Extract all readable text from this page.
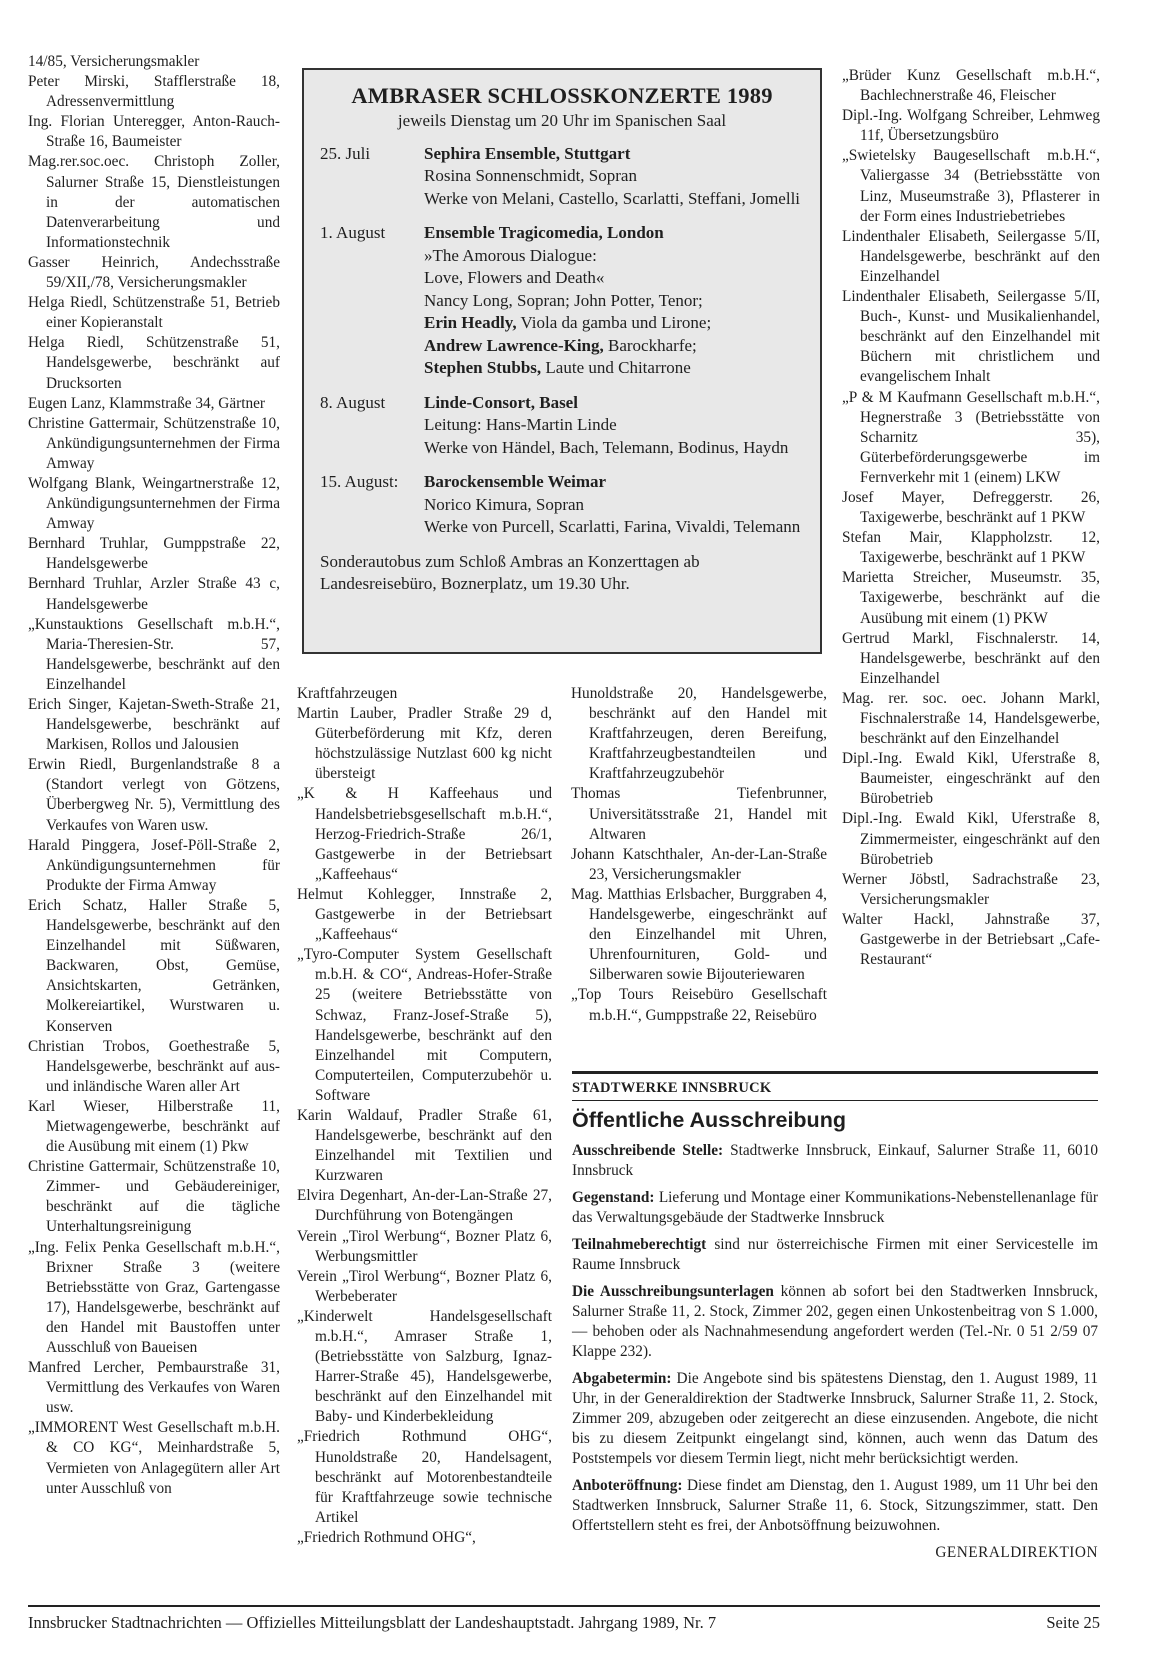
14/85, Versicherungsmakler

Peter Mirski, Stafflerstraße 18, Adressenvermittlung

Ing. Florian Unteregger, Anton-Rauch-Straße 16, Baumeister

Mag.rer.soc.oec. Christoph Zoller, Salurner Straße 15, Dienstleistungen in der automatischen Datenverarbeitung und Informationstechnik

Gasser Heinrich, Andechsstraße 59/XII,/78, Versicherungsmakler

Helga Riedl, Schützenstraße 51, Betrieb einer Kopieranstalt

Helga Riedl, Schützenstraße 51, Handelsgewerbe, beschränkt auf Drucksorten

Eugen Lanz, Klammstraße 34, Gärtner

Christine Gattermair, Schützenstraße 10, Ankündigungsunternehmen der Firma Amway

Wolfgang Blank, Weingartnerstraße 12, Ankündigungsunternehmen der Firma Amway

Bernhard Truhlar, Gumppstraße 22, Handelsgewerbe

Bernhard Truhlar, Arzler Straße 43 c, Handelsgewerbe

„Kunstauktions Gesellschaft m.b.H.“, Maria-Theresien-Str. 57, Handelsgewerbe, beschränkt auf den Einzelhandel

Erich Singer, Kajetan-Sweth-Straße 21, Handelsgewerbe, beschränkt auf Markisen, Rollos und Jalousien

Erwin Riedl, Burgenlandstraße 8 a (Standort verlegt von Götzens, Überbergweg Nr. 5), Vermittlung des Verkaufes von Waren usw.

Harald Pinggera, Josef-Pöll-Straße 2, Ankündigungsunternehmen für Produkte der Firma Amway

Erich Schatz, Haller Straße 5, Handelsgewerbe, beschränkt auf den Einzelhandel mit Süßwaren, Backwaren, Obst, Gemüse, Ansichtskarten, Getränken, Molkereiartikel, Wurstwaren u. Konserven

Christian Trobos, Goethestraße 5, Handelsgewerbe, beschränkt auf aus- und inländische Waren aller Art

Karl Wieser, Hilberstraße 11, Mietwagengewerbe, beschränkt auf die Ausübung mit einem (1) Pkw

Christine Gattermair, Schützenstraße 10, Zimmer- und Gebäudereiniger, beschränkt auf die tägliche Unterhaltungsreinigung

„Ing. Felix Penka Gesellschaft m.b.H.“, Brixner Straße 3 (weitere Betriebsstätte von Graz, Gartengasse 17), Handelsgewerbe, beschränkt auf den Handel mit Baustoffen unter Ausschluß von Baueisen

Manfred Lercher, Pembaurstraße 31, Vermittlung des Verkaufes von Waren usw.

„IMMORENT West Gesellschaft m.b.H. & CO KG“, Meinhardstraße 5, Vermieten von Anlagegütern aller Art unter Ausschluß von

AMBRASER SCHLOSSKONZERTE 1989
jeweils Dienstag um 20 Uhr im Spanischen Saal
25. Juli	Sephira Ensemble, Stuttgart
Rosina Sonnenschmidt, Sopran
Werke von Melani, Castello, Scarlatti, Steffani, Jomelli
1. August	Ensemble Tragicomedia, London
»The Amorous Dialogue:
Love, Flowers and Death«
Nancy Long, Sopran; John Potter, Tenor;
Erin Headly, Viola da gamba und Lirone;
Andrew Lawrence-King, Barockharfe;
Stephen Stubbs, Laute und Chitarrone
8. August	Linde-Consort, Basel
Leitung: Hans-Martin Linde
Werke von Händel, Bach, Telemann, Bodinus, Haydn
15. August:	Barockensemble Weimar
Norico Kimura, Sopran
Werke von Purcell, Scarlatti, Farina, Vivaldi, Telemann
Sonderautobus zum Schloß Ambras an Konzerttagen ab Landesreisebüro, Boznerplatz, um 19.30 Uhr.

Kraftfahrzeugen

Martin Lauber, Pradler Straße 29 d, Güterbeförderung mit Kfz, deren höchstzulässige Nutzlast 600 kg nicht übersteigt

„K & H Kaffeehaus und Handelsbetriebsgesellschaft m.b.H.“, Herzog-Friedrich-Straße 26/1, Gastgewerbe in der Betriebsart „Kaffeehaus“

Helmut Kohlegger, Innstraße 2, Gastgewerbe in der Betriebsart „Kaffeehaus“

„Tyro-Computer System Gesellschaft m.b.H. & CO“, Andreas-Hofer-Straße 25 (weitere Betriebsstätte von Schwaz, Franz-Josef-Straße 5), Handelsgewerbe, beschränkt auf den Einzelhandel mit Computern, Computerteilen, Computerzubehör u. Software

Karin Waldauf, Pradler Straße 61, Handelsgewerbe, beschränkt auf den Einzelhandel mit Textilien und Kurzwaren

Elvira Degenhart, An-der-Lan-Straße 27, Durchführung von Botengängen

Verein „Tirol Werbung“, Bozner Platz 6, Werbungsmittler

Verein „Tirol Werbung“, Bozner Platz 6, Werbeberater

„Kinderwelt Handelsgesellschaft m.b.H.“, Amraser Straße 1, (Betriebsstätte von Salzburg, Ignaz-Harrer-Straße 45), Handelsgewerbe, beschränkt auf den Einzelhandel mit Baby- und Kinderbekleidung

„Friedrich Rothmund OHG“, Hunoldstraße 20, Handelsagent, beschränkt auf Motorenbestandteile für Kraftfahrzeuge sowie technische Artikel

„Friedrich Rothmund OHG“,

Hunoldstraße 20, Handelsgewerbe, beschränkt auf den Handel mit Kraftfahrzeugen, deren Bereifung, Kraftfahrzeugbestandteilen und Kraftfahrzeugzubehör

Thomas Tiefenbrunner, Universitätsstraße 21, Handel mit Altwaren

Johann Katschthaler, An-der-Lan-Straße 23, Versicherungsmakler

Mag. Matthias Erlsbacher, Burggraben 4, Handelsgewerbe, eingeschränkt auf den Einzelhandel mit Uhren, Uhrenfournituren, Gold- und Silberwaren sowie Bijouteriewaren

„Top Tours Reisebüro Gesellschaft m.b.H.“, Gumppstraße 22, Reisebüro

„Brüder Kunz Gesellschaft m.b.H.“, Bachlechnerstraße 46, Fleischer

Dipl.-Ing. Wolfgang Schreiber, Lehmweg 11f, Übersetzungsbüro

„Swietelsky Baugesellschaft m.b.H.“, Valiergasse 34 (Betriebsstätte von Linz, Museumstraße 3), Pflasterer in der Form eines Industriebetriebes

Lindenthaler Elisabeth, Seilergasse 5/II, Handelsgewerbe, beschränkt auf den Einzelhandel

Lindenthaler Elisabeth, Seilergasse 5/II, Buch-, Kunst- und Musikalienhandel, beschränkt auf den Einzelhandel mit Büchern mit christlichem und evangelischem Inhalt

„P & M Kaufmann Gesellschaft m.b.H.“, Hegnerstraße 3 (Betriebsstätte von Scharnitz 35), Güterbeförderungsgewerbe im Fernverkehr mit 1 (einem) LKW

Josef Mayer, Defreggerstr. 26, Taxigewerbe, beschränkt auf 1 PKW

Stefan Mair, Klappholzstr. 12, Taxigewerbe, beschränkt auf 1 PKW

Marietta Streicher, Museumstr. 35, Taxigewerbe, beschränkt auf die Ausübung mit einem (1) PKW

Gertrud Markl, Fischnalerstr. 14, Handelsgewerbe, beschränkt auf den Einzelhandel

Mag. rer. soc. oec. Johann Markl, Fischnalerstraße 14, Handelsgewerbe, beschränkt auf den Einzelhandel

Dipl.-Ing. Ewald Kikl, Uferstraße 8, Baumeister, eingeschränkt auf den Bürobetrieb

Dipl.-Ing. Ewald Kikl, Uferstraße 8, Zimmermeister, eingeschränkt auf den Bürobetrieb

Werner Jöbstl, Sadrachstraße 23, Versicherungsmakler

Walter Hackl, Jahnstraße 37, Gastgewerbe in der Betriebsart „Cafe-Restaurant“

STADTWERKE INNSBRUCK
Öffentliche Ausschreibung

Ausschreibende Stelle: Stadtwerke Innsbruck, Einkauf, Salurner Straße 11, 6010 Innsbruck

Gegenstand: Lieferung und Montage einer Kommunikations-Nebenstellenanlage für das Verwaltungsgebäude der Stadtwerke Innsbruck

Teilnahmeberechtigt sind nur österreichische Firmen mit einer Servicestelle im Raume Innsbruck

Die Ausschreibungsunterlagen können ab sofort bei den Stadtwerken Innsbruck, Salurner Straße 11, 2. Stock, Zimmer 202, gegen einen Unkostenbeitrag von S 1.000,— behoben oder als Nachnahmesendung angefordert werden (Tel.-Nr. 0 51 2/59 07 Klappe 232).

Abgabetermin: Die Angebote sind bis spätestens Dienstag, den 1. August 1989, 11 Uhr, in der Generaldirektion der Stadtwerke Innsbruck, Salurner Straße 11, 2. Stock, Zimmer 209, abzugeben oder zeitgerecht an diese einzusenden. Angebote, die nicht bis zu diesem Zeitpunkt eingelangt sind, können, auch wenn das Datum des Poststempels vor diesem Termin liegt, nicht mehr berücksichtigt werden.

Anboteröffnung: Diese findet am Dienstag, den 1. August 1989, um 11 Uhr bei den Stadtwerken Innsbruck, Salurner Straße 11, 6. Stock, Sitzungszimmer, statt. Den Offertstellern steht es frei, der Anbotsöffnung beizuwohnen.

GENERALDIREKTION
Innsbrucker Stadtnachrichten — Offizielles Mitteilungsblatt der Landeshauptstadt. Jahrgang 1989, Nr. 7	Seite 25
